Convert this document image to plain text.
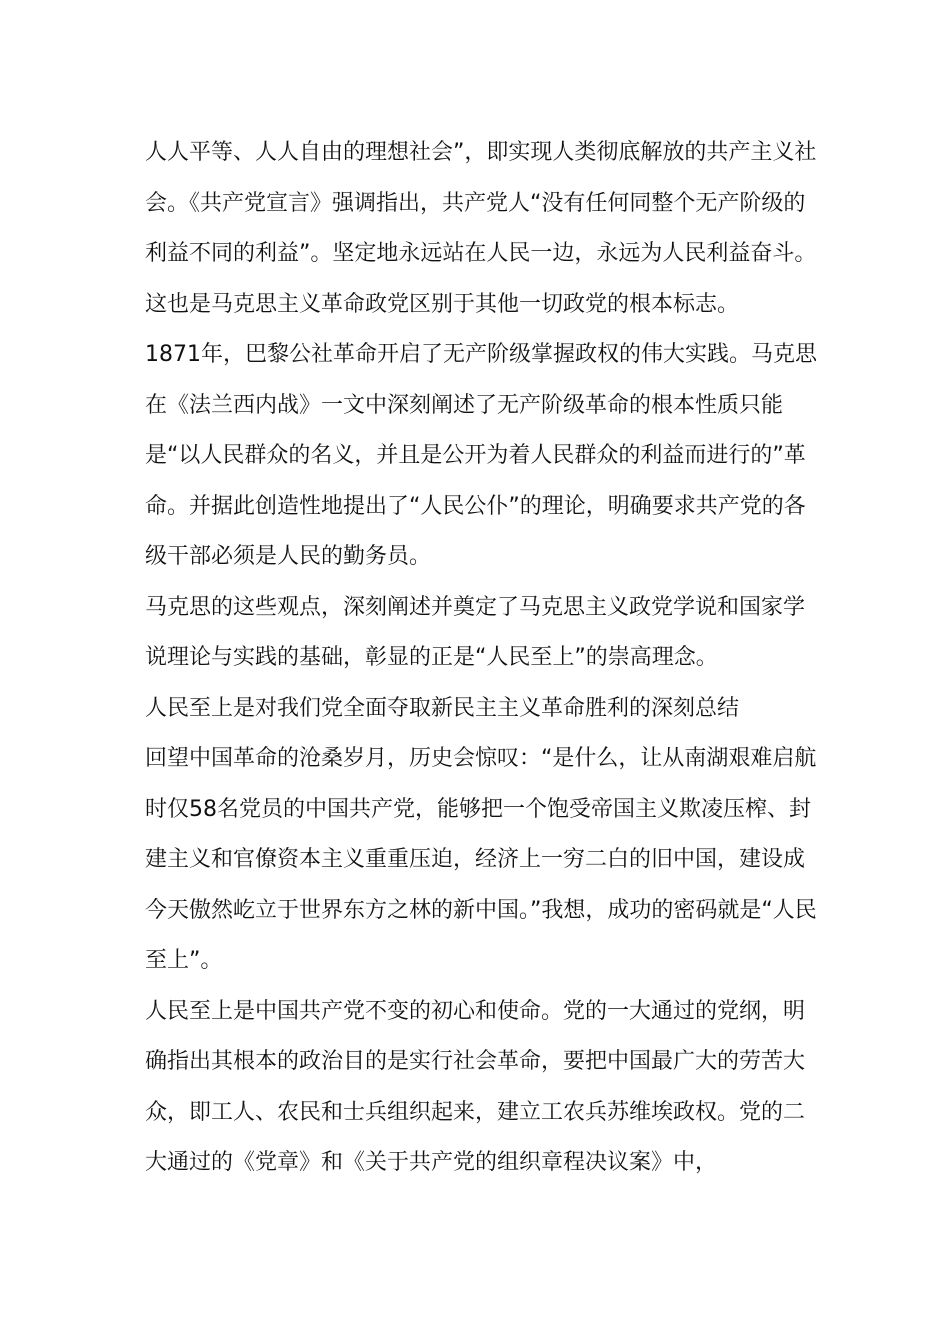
人人平等、人人自由的理想社会”，即实现人类彻底解放的共产主义社会。《共产党宣言》强调指出，共产党人“没有任何同整个无产阶级的利益不同的利益”。坚定地永远站在人民一边，永远为人民利益奋斗。这也是马克思主义革命政党区别于其他一切政党的根本标志。

1871年，巴黎公社革命开启了无产阶级掌握政权的伟大实践。马克思在《法兰西内战》一文中深刻阐述了无产阶级革命的根本性质只能是“以人民群众的名义，并且是公开为着人民群众的利益而进行的”革命。并据此创造性地提出了“人民公仆”的理论，明确要求共产党的各级干部必须是人民的勤务员。

马克思的这些观点，深刻阐述并奠定了马克思主义政党学说和国家学说理论与实践的基础，彰显的正是“人民至上”的崇高理念。

人民至上是对我们党全面夺取新民主主义革命胜利的深刻总结

回望中国革命的沧桑岁月，历史会惊叹：“是什么，让从南湖艰难启航时仅58名党员的中国共产党，能够把一个饱受帝国主义欺凌压榨、封建主义和官僚资本主义重重压迫，经济上一穷二白的旧中国，建设成今天傲然屹立于世界东方之林的新中国。”我想，成功的密码就是“人民至上”。

人民至上是中国共产党不变的初心和使命。党的一大通过的党纲，明确指出其根本的政治目的是实行社会革命，要把中国最广大的劳苦大众，即工人、农民和士兵组织起来，建立工农兵苏维埃政权。党的二大通过的《党章》和《关于共产党的组织章程决议案》中，
